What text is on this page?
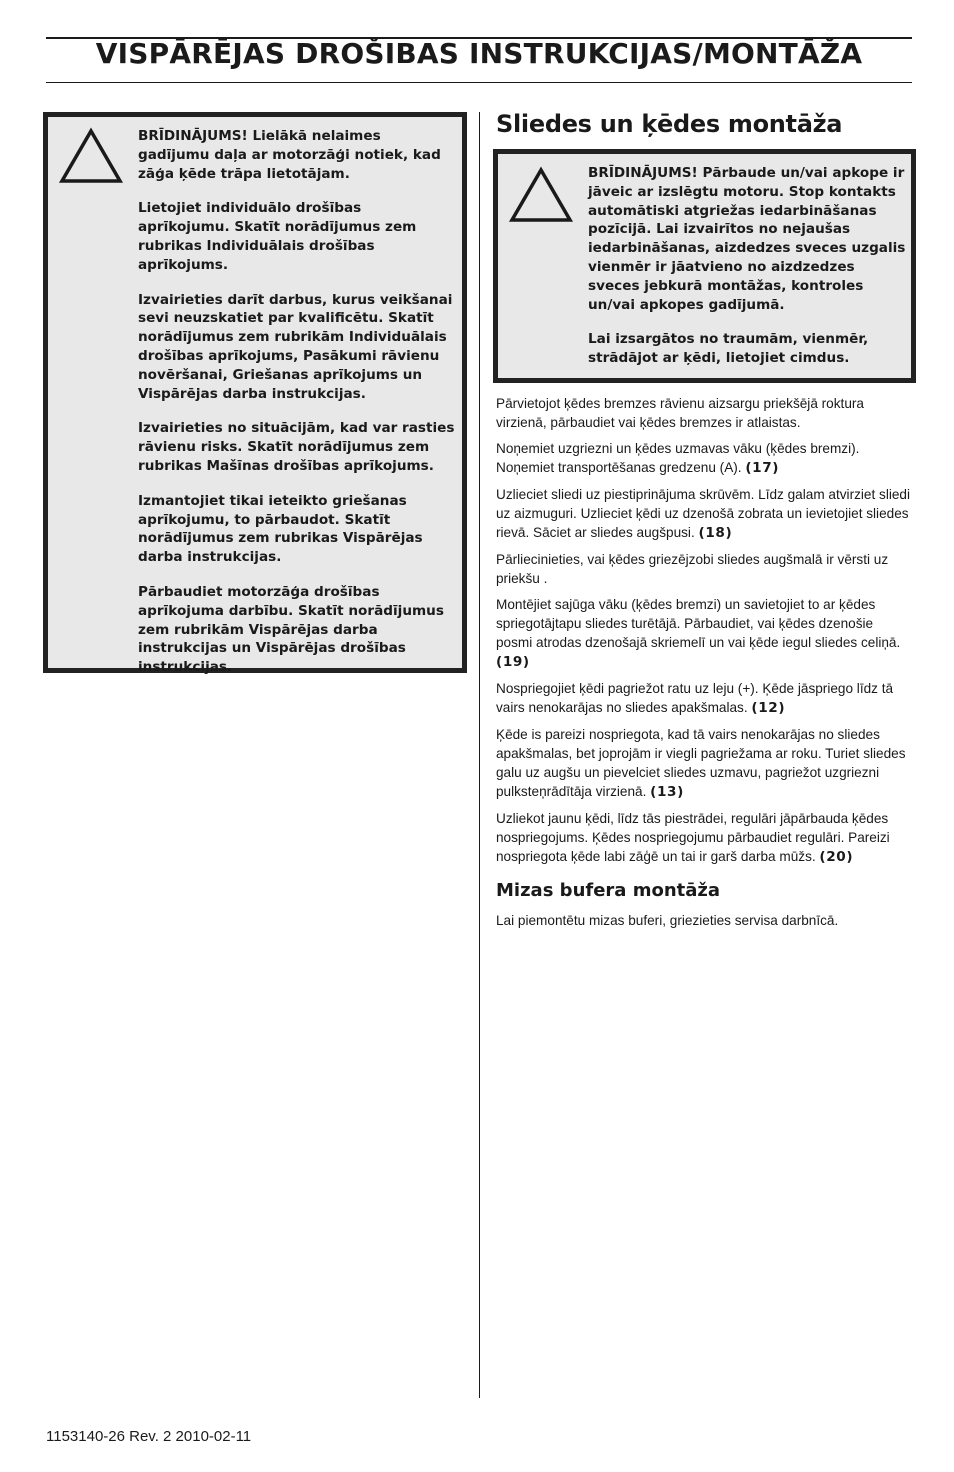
VISPĀRĒJAS DROŠIBAS INSTRUKCIJAS/MONTĀŽA

BRĪDINĀJUMS! Lielākā nelaimes gadījumu daļa ar motorzāģi notiek, kad zāģa ķēde trāpa lietotājam.

Lietojiet individuālo drošības aprīkojumu. Skatīt norādījumus zem rubrikas Individuālais drošības aprīkojums.

Izvairieties darīt darbus, kurus veikšanai sevi neuzskatiet par kvalificētu. Skatīt norādījumus zem rubrikām Individuālais drošības aprīkojums, Pasākumi rāvienu novēršanai, Griešanas aprīkojums un Vispārējas darba instrukcijas.

Izvairieties no situācijām, kad var rasties rāvienu risks. Skatīt norādījumus zem rubrikas Mašīnas drošības aprīkojums.

Izmantojiet tikai ieteikto griešanas aprīkojumu, to pārbaudot. Skatīt norādījumus zem rubrikas Vispārējas darba instrukcijas.

Pārbaudiet motorzāģa drošības aprīkojuma darbību. Skatīt norādījumus zem rubrikām Vispārējas darba instrukcijas un Vispārējas drošības instrukcijas.

Sliedes un ķēdes montāža

BRĪDINĀJUMS! Pārbaude un/vai apkope ir jāveic ar izslēgtu motoru. Stop kontakts automātiski atgriežas iedarbināšanas pozīcijā. Lai izvairītos no nejaušas iedarbināšanas, aizdedzes sveces uzgalis vienmēr ir jāatvieno no aizdzedzes sveces jebkurā montāžas, kontroles un/vai apkopes gadījumā.

Lai izsargātos no traumām, vienmēr, strādājot ar ķēdi, lietojiet cimdus.

Pārvietojot ķēdes bremzes rāvienu aizsargu priekšējā roktura virzienā, pārbaudiet vai ķēdes bremzes ir atlaistas.

Noņemiet uzgriezni un ķēdes uzmavas vāku (ķēdes bremzi). Noņemiet transportēšanas gredzenu (A). (17)

Uzlieciet sliedi uz piestiprinājuma skrūvēm. Līdz galam atvirziet sliedi uz aizmuguri. Uzlieciet ķēdi uz dzenošā zobrata un ievietojiet sliedes rievā. Sāciet ar sliedes augšpusi. (18)

Pārliecinieties, vai ķēdes griezējzobi sliedes augšmalā ir vērsti uz priekšu .

Montējiet sajūga vāku (ķēdes bremzi) un savietojiet to ar ķēdes spriegotājtapu sliedes turētājā. Pārbaudiet, vai ķēdes dzenošie posmi atrodas dzenošajā skriemelī un vai ķēde iegul sliedes celiņā. (19)

Nospriegojiet ķēdi pagriežot ratu uz leju (+). Ķēde jāspriego līdz tā vairs nenokarājas no sliedes apakšmalas. (12)

Ķēde is pareizi nospriegota, kad tā vairs nenokarājas no sliedes apakšmalas, bet joprojām ir viegli pagriežama ar roku. Turiet sliedes galu uz augšu un pievelciet sliedes uzmavu, pagriežot uzgriezni pulksteņrādītāja virzienā. (13)

Uzliekot jaunu ķēdi, līdz tās piestrādei, regulāri jāpārbauda ķēdes nospriegojums. Ķēdes nospriegojumu pārbaudiet regulāri. Pareizi nospriegota ķēde labi zāģē un tai ir garš darba mūžs. (20)

Mizas bufera montāža

Lai piemontētu mizas buferi, griezieties servisa darbnīcā.

1153140-26 Rev. 2 2010-02-11
